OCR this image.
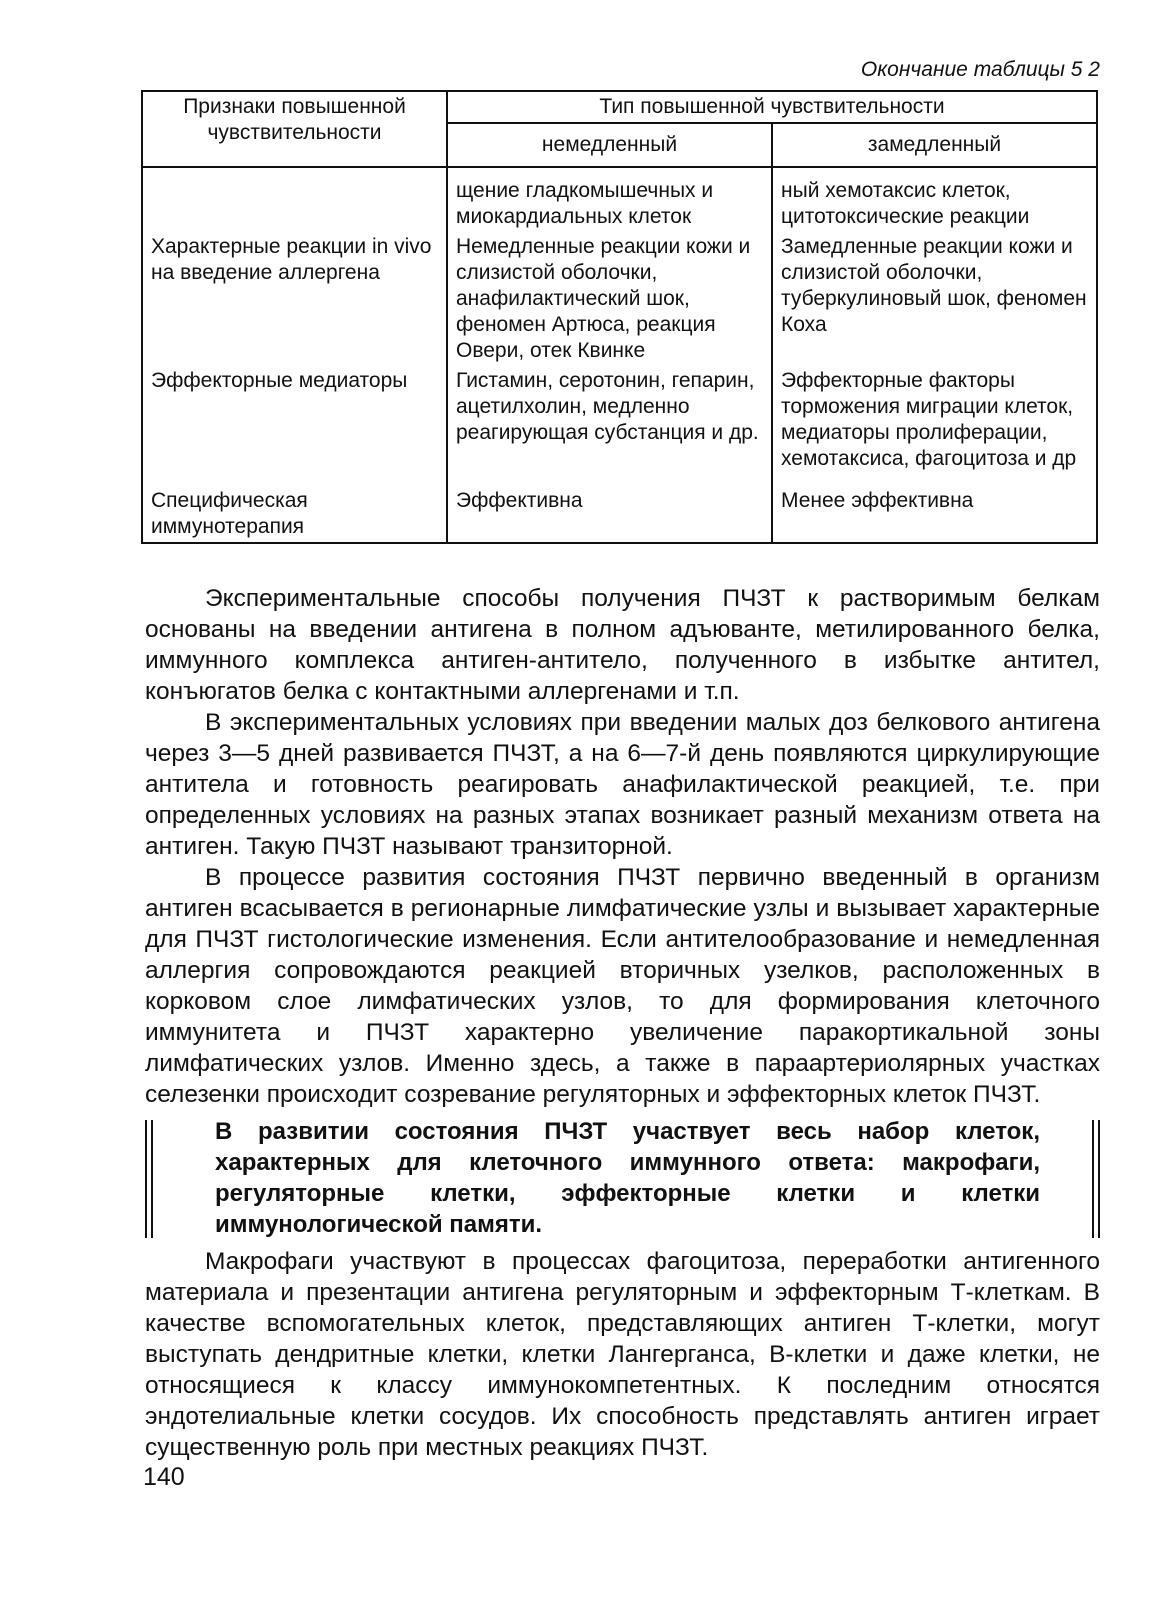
Окончание таблицы 5 2
Признаки повышенной чувствительности	Тип повышенной чувствительности	
	немедленный	замедленный
	щение гладкомышечных и миокардиальных клеток	ный хемотаксис клеток, цитотоксические реакции
Характерные реакции in vivo на введение аллергена	Немедленные реакции кожи и слизистой оболочки, анафилактический шок, феномен Артюса, реакция Овери, отек Квинке	Замедленные реакции кожи и слизистой оболочки, туберкулиновый шок, феномен Коха
Эффекторные медиаторы	Гистамин, серотонин, гепарин, ацетилхолин, медленно реагирующая субстанция и др.	Эффекторные факторы торможения миграции клеток, медиаторы пролиферации, хемотаксиса, фагоцитоза и др
Специфическая иммунотерапия	Эффективна	Менее эффективна

Экспериментальные способы получения ПЧЗТ к растворимым белкам основаны на введении антигена в полном адъюванте, метилированного белка, иммунного комплекса антиген-антитело, полученного в избытке антител, конъюгатов белка с контактными аллергенами и т.п.

В экспериментальных условиях при введении малых доз белкового антигена через 3—5 дней развивается ПЧЗТ, а на 6—7-й день появляются циркулирующие антитела и готовность реагировать анафилактической реакцией, т.е. при определенных условиях на разных этапах возникает разный механизм ответа на антиген. Такую ПЧЗТ называют транзиторной.

В процессе развития состояния ПЧЗТ первично введенный в организм антиген всасывается в регионарные лимфатические узлы и вызывает характерные для ПЧЗТ гистологические изменения. Если антителообразование и немедленная аллергия сопровождаются реакцией вторичных узелков, расположенных в корковом слое лимфатических узлов, то для формирования клеточного иммунитета и ПЧЗТ характерно увеличение паракортикальной зоны лимфатических узлов. Именно здесь, а также в параартериолярных участках селезенки происходит созревание регуляторных и эффекторных клеток ПЧЗТ.

В развитии состояния ПЧЗТ участвует весь набор клеток, характерных для клеточного иммунного ответа: макрофаги, регуляторные клетки, эффекторные клетки и клетки иммунологической памяти.

Макрофаги участвуют в процессах фагоцитоза, переработки антигенного материала и презентации антигена регуляторным и эффекторным Т-клеткам. В качестве вспомогательных клеток, представляющих антиген Т-клетки, могут выступать дендритные клетки, клетки Лангерганса, В-клетки и даже клетки, не относящиеся к классу иммунокомпетентных. К последним относятся эндотелиальные клетки сосудов. Их способность представлять антиген играет существенную роль при местных реакциях ПЧЗТ.

140
